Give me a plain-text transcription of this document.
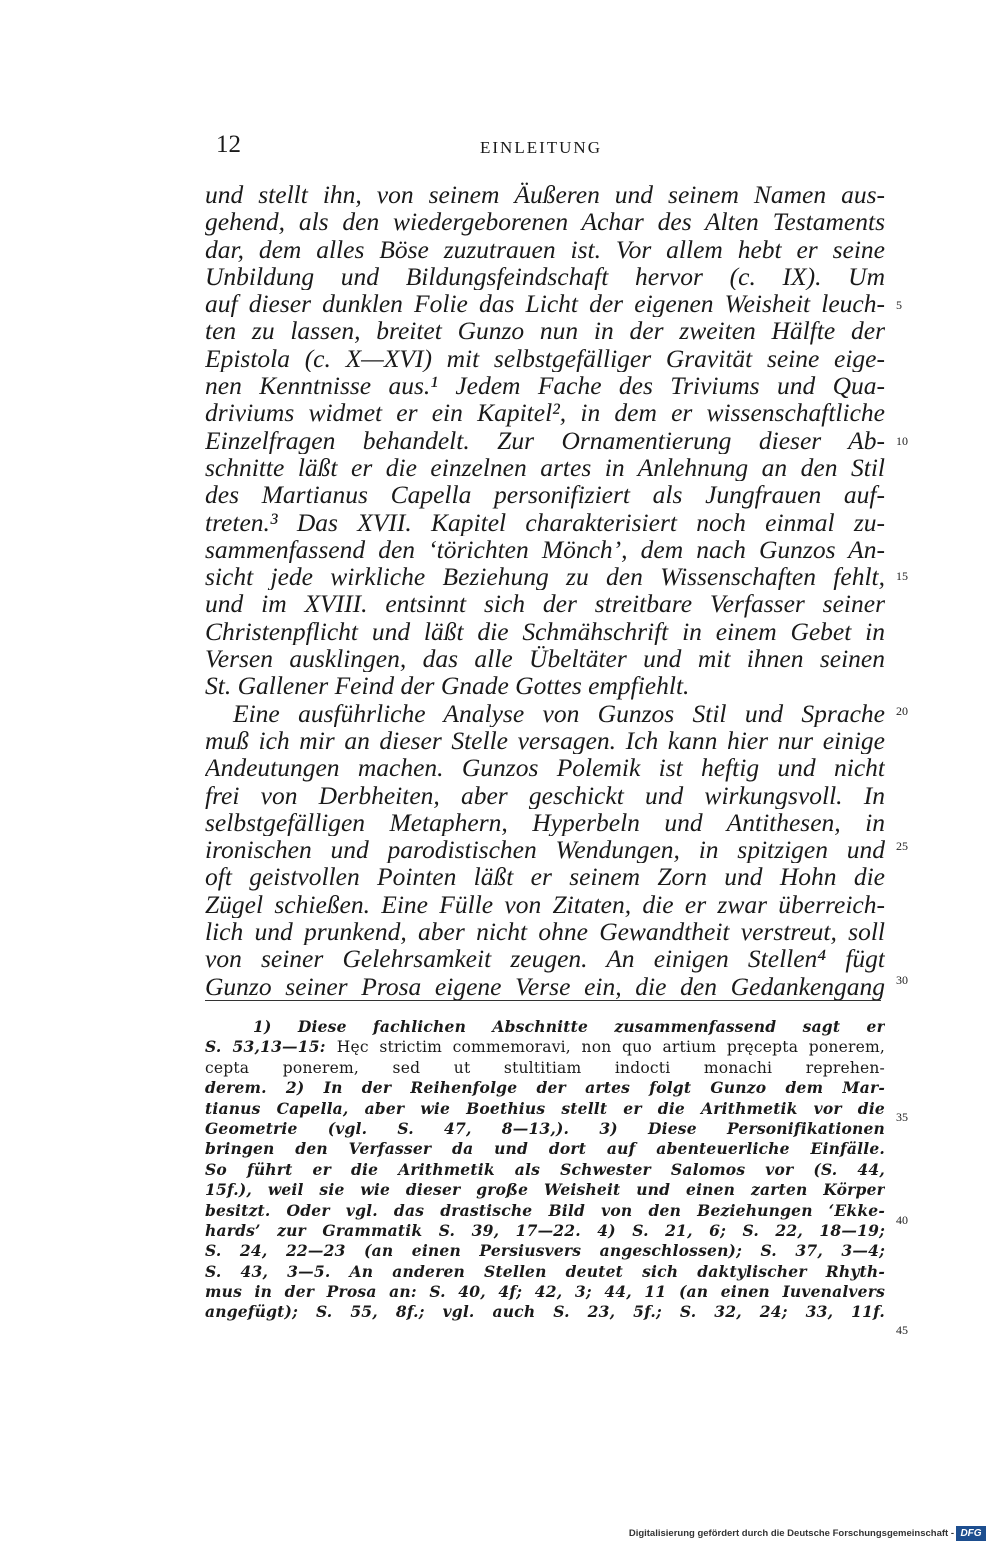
12	EINLEITUNG
und stellt ihn, von seinem Äußeren und seinem Namen aus-
gehend, als den wiedergeborenen Achar des Alten Testaments
dar, dem alles Böse zuzutrauen ist. Vor allem hebt er seine
Unbildung und Bildungsfeindschaft hervor (c. IX). Um
auf dieser dunklen Folie das Licht der eigenen Weisheit leuch-
ten zu lassen, breitet Gunzo nun in der zweiten Hälfte der
Epistola (c. X—XVI) mit selbstgefälliger Gravität seine eige-
nen Kenntnisse aus.¹ Jedem Fache des Triviums und Qua-
driviums widmet er ein Kapitel², in dem er wissenschaftliche
Einzelfragen behandelt. Zur Ornamentierung dieser Ab-
schnitte läßt er die einzelnen artes in Anlehnung an den Stil
des Martianus Capella personifiziert als Jungfrauen auf-
treten.³ Das XVII. Kapitel charakterisiert noch einmal zu-
sammenfassend den ‘törichten Mönch’, dem nach Gunzos An-
sicht jede wirkliche Beziehung zu den Wissenschaften fehlt,
und im XVIII. entsinnt sich der streitbare Verfasser seiner
Christenpflicht und läßt die Schmähschrift in einem Gebet in
Versen ausklingen, das alle Übeltäter und mit ihnen seinen
St. Gallener Feind der Gnade Gottes empfiehlt.
Eine ausführliche Analyse von Gunzos Stil und Sprache
muß ich mir an dieser Stelle versagen. Ich kann hier nur einige
Andeutungen machen. Gunzos Polemik ist heftig und nicht
frei von Derbheiten, aber geschickt und wirkungsvoll. In
selbstgefälligen Metaphern, Hyperbeln und Antithesen, in
ironischen und parodistischen Wendungen, in spitzigen und
oft geistvollen Pointen läßt er seinem Zorn und Hohn die
Zügel schießen. Eine Fülle von Zitaten, die er zwar überreich-
lich und prunkend, aber nicht ohne Gewandtheit verstreut, soll
von seiner Gelehrsamkeit zeugen. An einigen Stellen⁴ fügt
Gunzo seiner Prosa eigene Verse ein, die den Gedankengang
1) Diese fachlichen Abschnitte zusammenfassend sagt er
S. 53,13—15: Hęc strictim commemoravi, non quo artium pręcepta ponerem,
cepta ponerem, sed ut stultitiam indocti monachi reprehen-
derem. 2) In der Reihenfolge der artes folgt Gunzo dem Mar-
tianus Capella, aber wie Boethius stellt er die Arithmetik vor die
Geometrie (vgl. S. 47, 8—13,). 3) Diese Personifikationen
bringen den Verfasser da und dort auf abenteuerliche Einfälle.
So führt er die Arithmetik als Schwester Salomos vor (S. 44,
15f.), weil sie wie dieser große Weisheit und einen zarten Körper
besitzt. Oder vgl. das drastische Bild von den Beziehungen ‘Ekke-
hards’ zur Grammatik S. 39, 17—22. 4) S. 21, 6; S. 22, 18—19;
S. 24, 22—23 (an einen Persiusvers angeschlossen); S. 37, 3—4;
S. 43, 3—5. An anderen Stellen deutet sich daktylischer Rhyth-
mus in der Prosa an: S. 40, 4f; 42, 3; 44, 11 (an einen Iuvenalvers
angefügt); S. 55, 8f.; vgl. auch S. 23, 5f.; S. 32, 24; 33, 11f.
5
10
15
20
25
30
35
40
45
Digitalisierung gefördert durch die Deutsche Forschungsgemeinschaft - DFG
